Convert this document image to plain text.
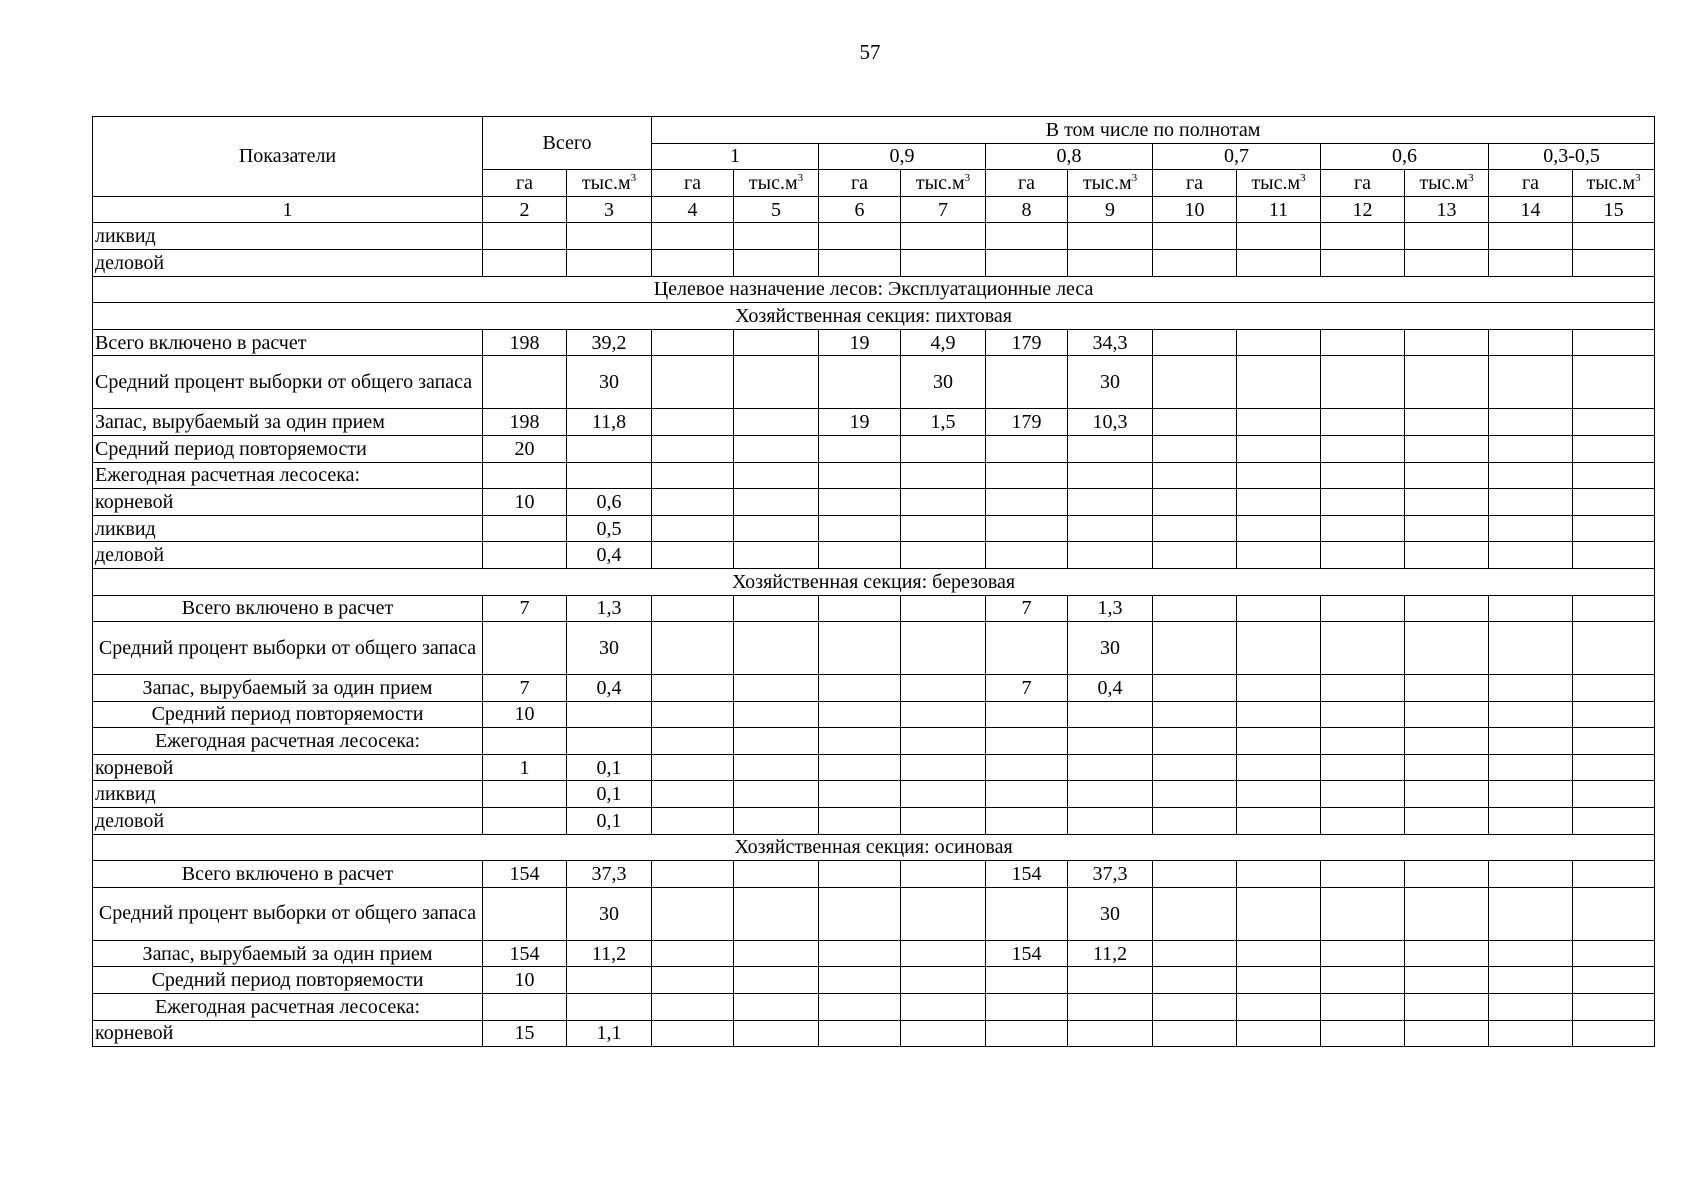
57
Показатели	Всего		В том числе по полнотам											
			1		0,9		0,8		0,7		0,6		0,3-0,5	
	га	$тыс.м^3$	га	$тыс.м^3$	га	$тыс.м^3$	га	$тыс.м^3$	га	$тыс.м^3$	га	$тыс.м^3$	га	$тыс.м^3$
1	2	3	4	5	6	7	8	9	10	11	12	13	14	15
ликвид														
деловой														
Целевое назначение лесов: Эксплуатационные леса														
Хозяйственная секция: пихтовая														
Всего включено в расчет	198	39,2			19	4,9	179	34,3						
Средний процент выборки от общего запаса		30				30		30						
Запас, вырубаемый за один прием	198	11,8			19	1,5	179	10,3						
Средний период повторяемости	20													
Ежегодная расчетная лесосека:														
корневой	10	0,6												
ликвид		0,5												
деловой		0,4												
Хозяйственная секция: березовая														
Всего включено в расчет	7	1,3					7	1,3						
Средний процент выборки от общего запаса		30						30						
Запас, вырубаемый за один прием	7	0,4					7	0,4						
Средний период повторяемости	10													
Ежегодная расчетная лесосека:														
корневой	1	0,1												
ликвид		0,1												
деловой		0,1												
Хозяйственная секция: осиновая														
Всего включено в расчет	154	37,3					154	37,3						
Средний процент выборки от общего запаса		30						30						
Запас, вырубаемый за один прием	154	11,2					154	11,2						
Средний период повторяемости	10													
Ежегодная расчетная лесосека:														
корневой	15	1,1												
